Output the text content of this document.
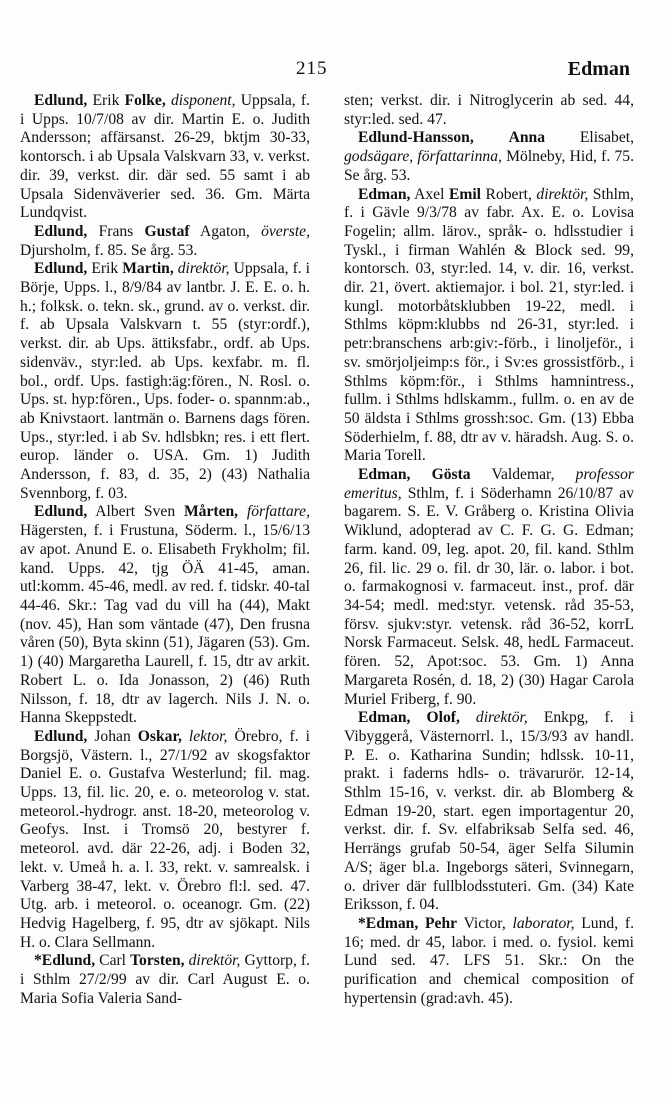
215	Edman

Edlund, Erik Folke, disponent, Uppsala, f. i Upps. 10/7/08 av dir. Martin E. o. Judith Andersson; affärsanst. 26-29, bktjm 30-33, kontorsch. i ab Upsala Valskvarn 33, v. verkst. dir. 39, verkst. dir. där sed. 55 samt i ab Upsala Sidenväverier sed. 36. Gm. Märta Lundqvist.

Edlund, Frans Gustaf Agaton, överste, Djursholm, f. 85. Se årg. 53.

Edlund, Erik Martin, direktör, Uppsala, f. i Börje, Upps. l., 8/9/84 av lantbr. J. E. E. o. h. h.; folksk. o. tekn. sk., grund. av o. verkst. dir. f. ab Upsala Valskvarn t. 55 (styr:ordf.), verkst. dir. ab Ups. ättiksfabr., ordf. ab Ups. sidenväv., styr:led. ab Ups. kexfabr. m. fl. bol., ordf. Ups. fastigh:äg:fören., N. Rosl. o. Ups. st. hyp:fören., Ups. foder- o. spannm:ab., ab Knivstaort. lantmän o. Barnens dags fören. Ups., styr:led. i ab Sv. hdlsbkn; res. i ett flert. europ. länder o. USA. Gm. 1) Judith Andersson, f. 83, d. 35, 2) (43) Nathalia Svennborg, f. 03.

Edlund, Albert Sven Mårten, författare, Hägersten, f. i Frustuna, Söderm. l., 15/6/13 av apot. Anund E. o. Elisabeth Frykholm; fil. kand. Upps. 42, tjg ÖÄ 41-45, aman. utl:komm. 45-46, medl. av red. f. tidskr. 40-tal 44-46. Skr.: Tag vad du vill ha (44), Makt (nov. 45), Han som väntade (47), Den frusna våren (50), Byta skinn (51), Jägaren (53). Gm. 1) (40) Margaretha Laurell, f. 15, dtr av arkit. Robert L. o. Ida Jonasson, 2) (46) Ruth Nilsson, f. 18, dtr av lagerch. Nils J. N. o. Hanna Skeppstedt.

Edlund, Johan Oskar, lektor, Örebro, f. i Borgsjö, Västern. l., 27/1/92 av skogsfaktor Daniel E. o. Gustafva Westerlund; fil. mag. Upps. 13, fil. lic. 20, e. o. meteorolog v. stat. meteorol.-hydrogr. anst. 18-20, meteorolog v. Geofys. Inst. i Tromsö 20, bestyrer f. meteorol. avd. där 22-26, adj. i Boden 32, lekt. v. Umeå h. a. l. 33, rekt. v. samrealsk. i Varberg 38-47, lekt. v. Örebro fl:l. sed. 47. Utg. arb. i meteorol. o. oceanogr. Gm. (22) Hedvig Hagelberg, f. 95, dtr av sjökapt. Nils H. o. Clara Sellmann.

*Edlund, Carl Torsten, direktör, Gyttorp, f. i Sthlm 27/2/99 av dir. Carl August E. o. Maria Sofia Valeria Sand-

sten; verkst. dir. i Nitroglycerin ab sed. 44, styr:led. sed. 47.

Edlund-Hansson, Anna Elisabet, godsägare, författarinna, Mölneby, Hid, f. 75. Se årg. 53.

Edman, Axel Emil Robert, direktör, Sthlm, f. i Gävle 9/3/78 av fabr. Ax. E. o. Lovisa Fogelin; allm. lärov., språk- o. hdlsstudier i Tyskl., i firman Wahlén & Block sed. 99, kontorsch. 03, styr:led. 14, v. dir. 16, verkst. dir. 21, övert. aktiemajor. i bol. 21, styr:led. i kungl. motorbåtsklubben 19-22, medl. i Sthlms köpm:klubbs nd 26-31, styr:led. i petr:branschens arb:giv:-förb., i linoljeför., i sv. smörjoljeimp:s för., i Sv:es grossistförb., i Sthlms köpm:för., i Sthlms hamnintress., fullm. i Sthlms hdlskamm., fullm. o. en av de 50 äldsta i Sthlms grossh:soc. Gm. (13) Ebba Söderhielm, f. 88, dtr av v. häradsh. Aug. S. o. Maria Torell.

Edman, Gösta Valdemar, professor emeritus, Sthlm, f. i Söderhamn 26/10/87 av bagarem. S. E. V. Gråberg o. Kristina Olivia Wiklund, adopterad av C. F. G. G. Edman; farm. kand. 09, leg. apot. 20, fil. kand. Sthlm 26, fil. lic. 29 o. fil. dr 30, lär. o. labor. i bot. o. farmakognosi v. farmaceut. inst., prof. där 34-54; medl. med:styr. vetensk. råd 35-53, försv. sjukv:styr. vetensk. råd 36-52, korrL Norsk Farmaceut. Selsk. 48, hedL Farmaceut. fören. 52, Apot:soc. 53. Gm. 1) Anna Margareta Rosén, d. 18, 2) (30) Hagar Carola Muriel Friberg, f. 90.

Edman, Olof, direktör, Enkpg, f. i Vibyggerå, Västernorrl. l., 15/3/93 av handl. P. E. o. Katharina Sundin; hdlssk. 10-11, prakt. i faderns hdls- o. trävarurör. 12-14, Sthlm 15-16, v. verkst. dir. ab Blomberg & Edman 19-20, start. egen importagentur 20, verkst. dir. f. Sv. elfabriksab Selfa sed. 46, Herrängs grufab 50-54, äger Selfa Silumin A/S; äger bl.a. Ingeborgs säteri, Svinnegarn, o. driver där fullblodsstuteri. Gm. (34) Kate Eriksson, f. 04.

*Edman, Pehr Victor, laborator, Lund, f. 16; med. dr 45, labor. i med. o. fysiol. kemi Lund sed. 47. LFS 51. Skr.: On the purification and chemical composition of hypertensin (grad:avh. 45).
